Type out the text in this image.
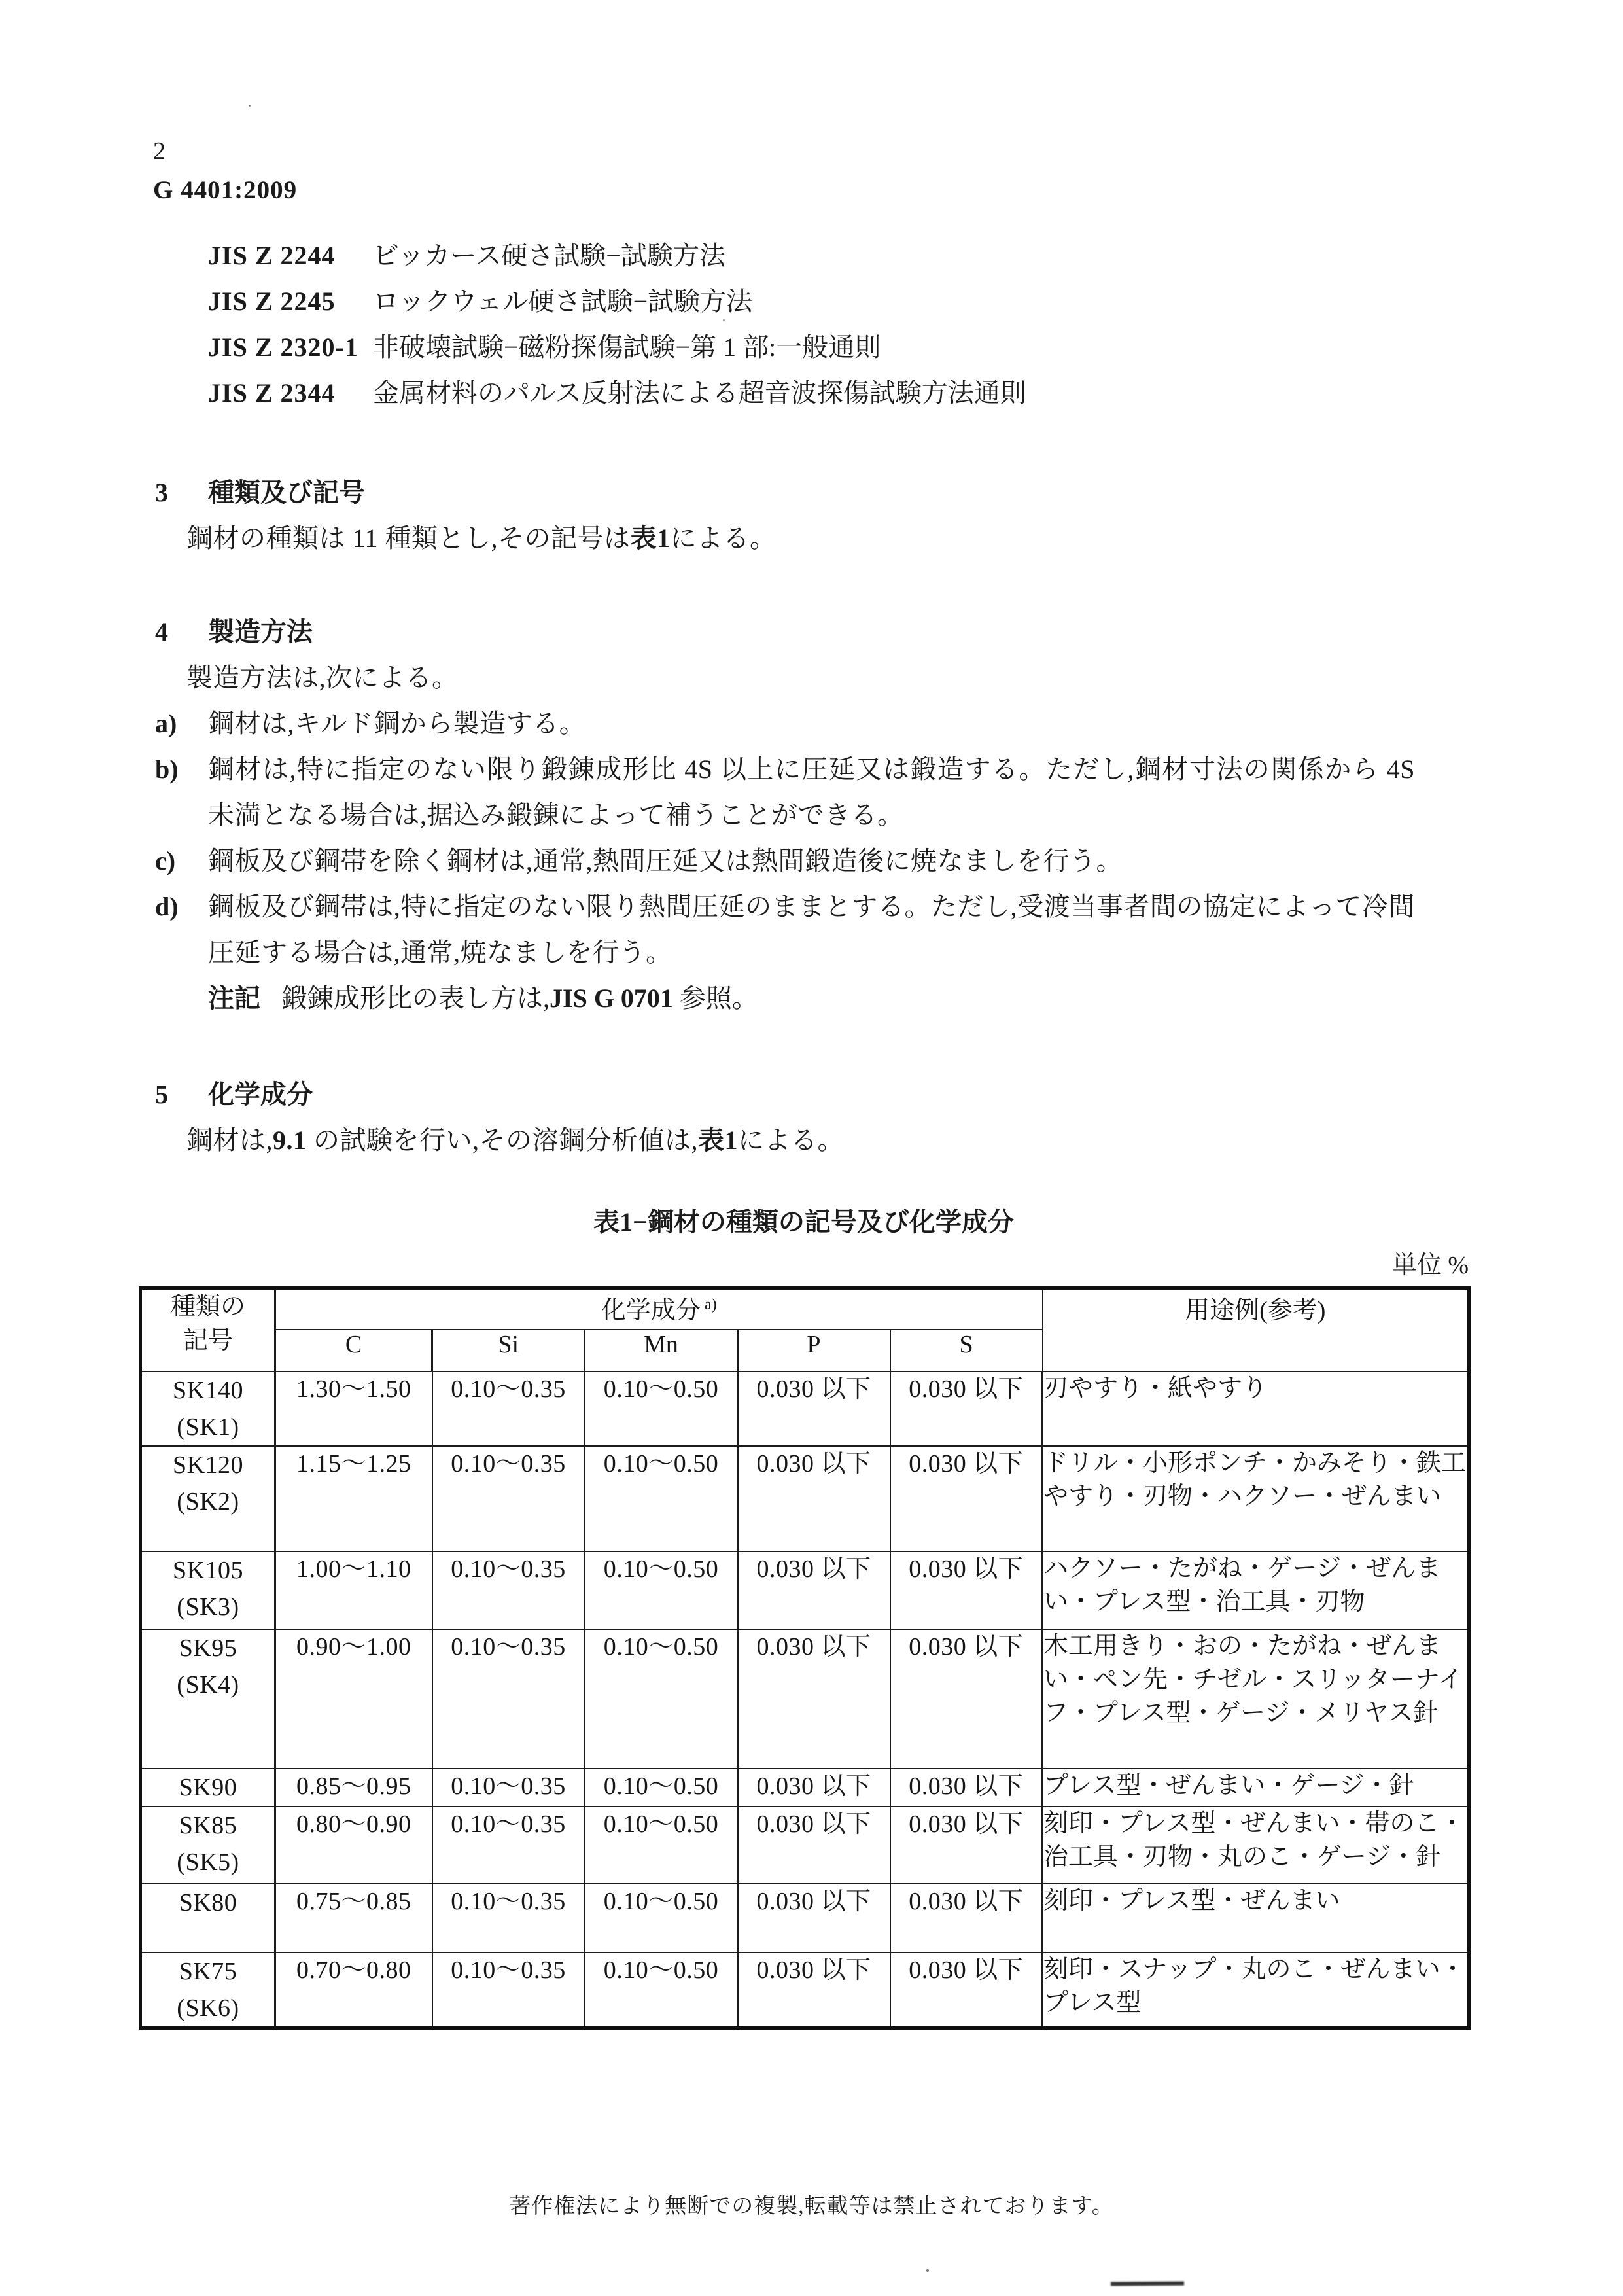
2
G 4401:2009
JIS Z 2244 ビッカース硬さ試験−試験方法
JIS Z 2245 ロックウェル硬さ試験−試験方法
JIS Z 2320-1 非破壊試験−磁粉探傷試験−第 1 部:一般通則
JIS Z 2344 金属材料のパルス反射法による超音波探傷試験方法通則
3	種類及び記号
鋼材の種類は 11 種類とし,その記号は表1による。
4	製造方法
製造方法は,次による。
a)	鋼材は,キルド鋼から製造する。
b)	鋼材は,特に指定のない限り鍛錬成形比 4S 以上に圧延又は鍛造する。ただし,鋼材寸法の関係から 4S 未満となる場合は,据込み鍛錬によって補うことができる。
c)	鋼板及び鋼帯を除く鋼材は,通常,熱間圧延又は熱間鍛造後に焼なましを行う。
d)	鋼板及び鋼帯は,特に指定のない限り熱間圧延のままとする。ただし,受渡当事者間の協定によって冷間圧延する場合は,通常,焼なましを行う。
注記 鍛錬成形比の表し方は,JIS G 0701 参照。
5	化学成分
鋼材は,9.1 の試験を行い,その溶鋼分析値は,表1による。
表1−鋼材の種類の記号及び化学成分
単位 %
種類の
記号	化学成分 $^{a)}$					用途例(参考)
	C	Si	Mn	P	S	

SK140
(SK1)	1.30〜1.50	0.10〜0.35	0.10〜0.50	0.030 以下	0.030 以下	刃やすり・紙やすり

SK120
(SK2)	1.15〜1.25	0.10〜0.35	0.10〜0.50	0.030 以下	0.030 以下	ドリル・小形ポンチ・かみそり・鉄工やすり・刃物・ハクソー・ぜんまい

SK105
(SK3)	1.00〜1.10	0.10〜0.35	0.10〜0.50	0.030 以下	0.030 以下	ハクソー・たがね・ゲージ・ぜんまい・プレス型・治工具・刃物

SK95
(SK4)	0.90〜1.00	0.10〜0.35	0.10〜0.50	0.030 以下	0.030 以下	木工用きり・おの・たがね・ぜんまい・ペン先・チゼル・スリッターナイフ・プレス型・ゲージ・メリヤス針

SK90	0.85〜0.95	0.10〜0.35	0.10〜0.50	0.030 以下	0.030 以下	プレス型・ぜんまい・ゲージ・針

SK85
(SK5)	0.80〜0.90	0.10〜0.35	0.10〜0.50	0.030 以下	0.030 以下	刻印・プレス型・ぜんまい・帯のこ・治工具・刃物・丸のこ・ゲージ・針

SK80	0.75〜0.85	0.10〜0.35	0.10〜0.50	0.030 以下	0.030 以下	刻印・プレス型・ぜんまい

SK75
(SK6)	0.70〜0.80	0.10〜0.35	0.10〜0.50	0.030 以下	0.030 以下	刻印・スナップ・丸のこ・ぜんまい・プレス型
著作権法により無断での複製,転載等は禁止されております。
